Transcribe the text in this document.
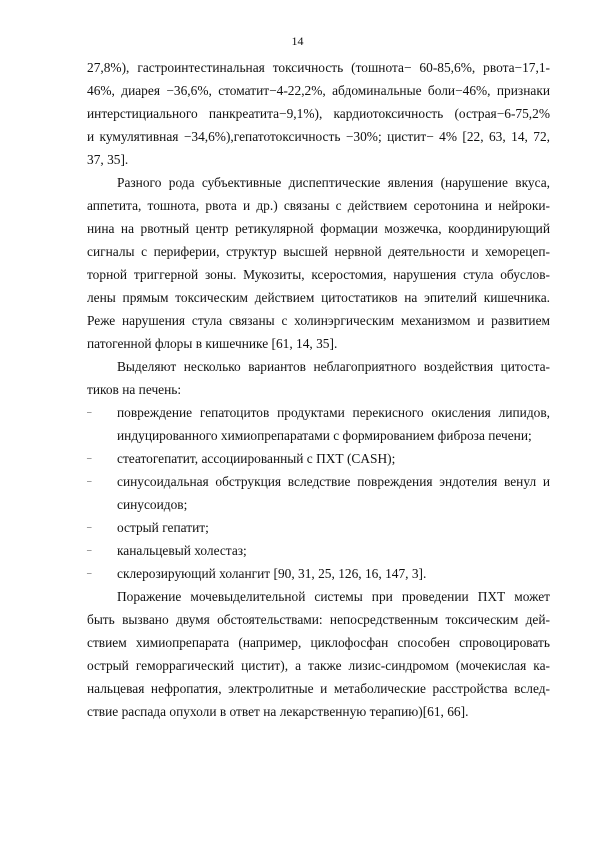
14
27,8%), гастроинтестинальная токсичность (тошнота− 60-85,6%, рвота−17,1-
46%, диарея −36,6%, стоматит−4-22,2%, абдоминальные боли−46%, признаки
интерстициального панкреатита−9,1%), кардиотоксичность (острая−6-75,2%
и кумулятивная −34,6%),гепатотоксичность −30%; цистит− 4% [22, 63, 14, 72,
37, 35].
Разного рода субъективные диспептические явления (нарушение вкуса,
аппетита, тошнота, рвота и др.) связаны с действием серотонина и нейроки-
нина на рвотный центр ретикулярной формации мозжечка, координирующий
сигналы с периферии, структур высшей нервной деятельности и хеморецеп-
торной триггерной зоны. Мукозиты, ксеростомия, нарушения стула обуслов-
лены прямым токсическим действием цитостатиков на эпителий кишечника.
Реже нарушения стула связаны с холинэргическим механизмом и развитием
патогенной флоры в кишечнике [61, 14, 35].
Выделяют несколько вариантов неблагоприятного воздействия цитоста-
тиков на печень:
– повреждение гепатоцитов продуктами перекисного окисления липидов,
индуцированного химиопрепаратами с формированием фиброза печени;
– стеатогепатит, ассоциированный с ПХТ (CASH);
– синусоидальная обструкция вследствие повреждения эндотелия венул и
синусоидов;
– острый гепатит;
– канальцевый холестаз;
– склерозирующий холангит [90, 31, 25, 126, 16, 147, 3].
Поражение мочевыделительной системы при проведении ПХТ может
быть вызвано двумя обстоятельствами: непосредственным токсическим дей-
ствием химиопрепарата (например, циклофосфан способен спровоцировать
острый геморрагический цистит), а также лизис-синдромом (мочекислая ка-
нальцевая нефропатия, электролитные и метаболические расстройства вслед-
ствие распада опухоли в ответ на лекарственную терапию)[61, 66].
